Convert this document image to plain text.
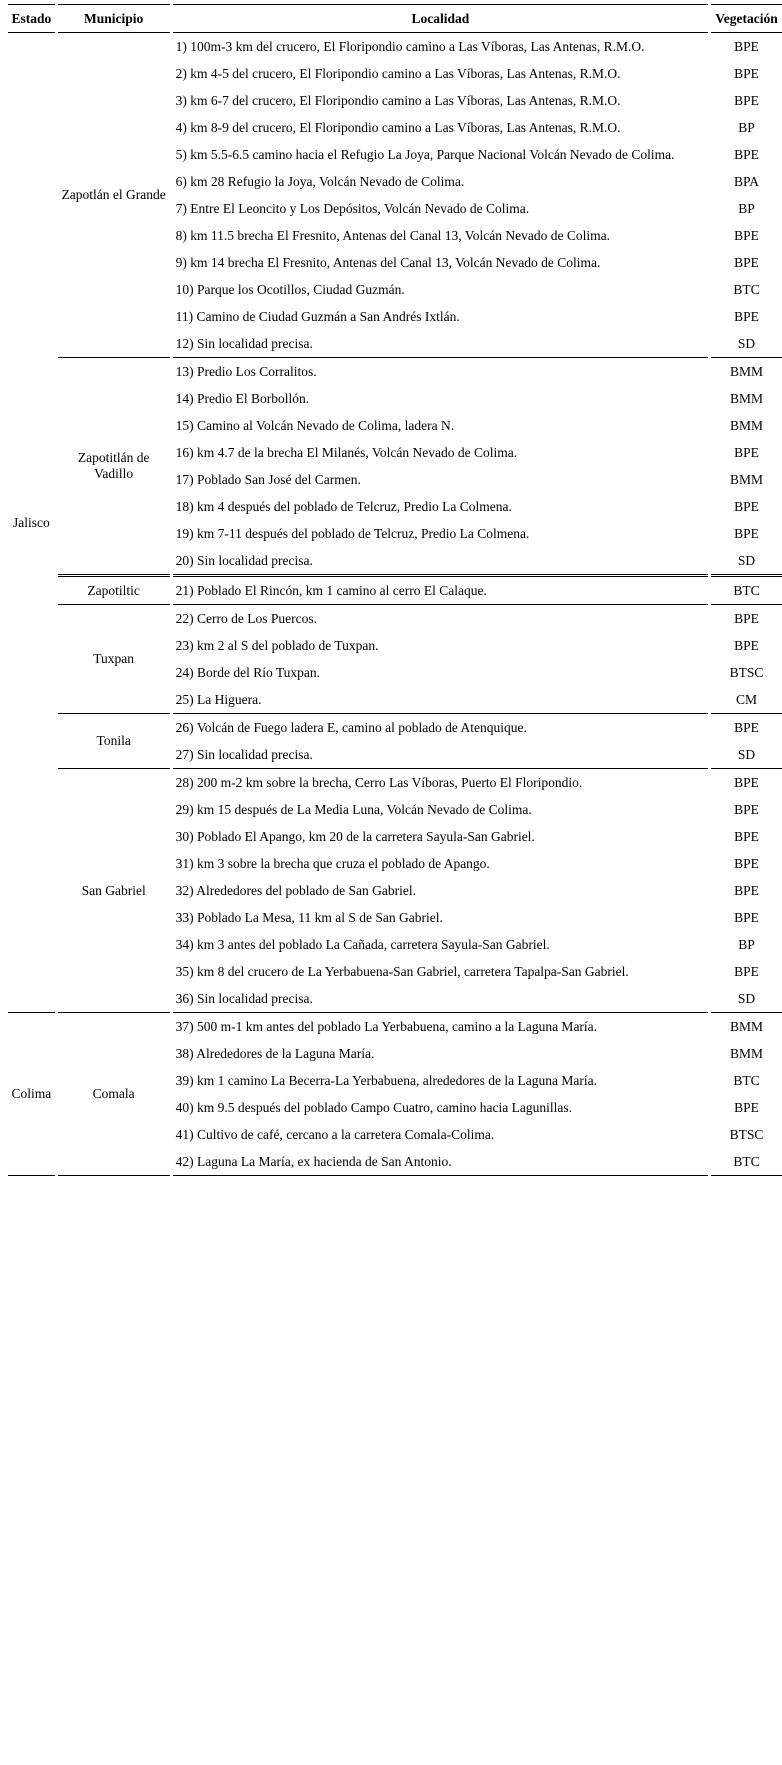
Estado	Municipio	Localidad	Vegetación
Jalisco	Zapotlán el Grande	1) 100m-3 km del crucero, El Floripondio camino a Las Víboras, Las Antenas, R.M.O.	BPE
		2) km 4-5 del crucero, El Floripondio camino a Las Víboras, Las Antenas, R.M.O.	BPE
		3) km 6-7 del crucero, El Floripondio camino a Las Víboras, Las Antenas, R.M.O.	BPE
		4) km 8-9 del crucero, El Floripondio camino a Las Víboras, Las Antenas, R.M.O.	BP
		5) km 5.5-6.5 camino hacia el Refugio La Joya, Parque Nacional Volcán Nevado de Colima.	BPE
		6) km 28 Refugio la Joya, Volcán Nevado de Colima.	BPA
		7) Entre El Leoncito y Los Depósitos, Volcán Nevado de Colima.	BP
		8) km 11.5 brecha El Fresnito, Antenas del Canal 13, Volcán Nevado de Colima.	BPE
		9) km 14 brecha El Fresnito, Antenas del Canal 13, Volcán Nevado de Colima.	BPE
		10) Parque los Ocotillos, Ciudad Guzmán.	BTC
		11) Camino de Ciudad Guzmán a San Andrés Ixtlán.	BPE
		12) Sin localidad precisa.	SD
	Zapotitlán de Vadillo	13) Predio Los Corralitos.	BMM
		14) Predio El Borbollón.	BMM
		15) Camino al Volcán Nevado de Colima, ladera N.	BMM
		16) km 4.7 de la brecha El Milanés, Volcán Nevado de Colima.	BPE
		17) Poblado San José del Carmen.	BMM
		18) km 4 después del poblado de Telcruz, Predio La Colmena.	BPE
		19) km 7-11 después del poblado de Telcruz, Predio La Colmena.	BPE
		20) Sin localidad precisa.	SD
	Zapotiltic	21) Poblado El Rincón, km 1 camino al cerro El Calaque.	BTC
	Tuxpan	22) Cerro de Los Puercos.	BPE
		23) km 2 al S del poblado de Tuxpan.	BPE
		24) Borde del Río Tuxpan.	BTSC
		25) La Higuera.	CM
	Tonila	26) Volcán de Fuego ladera E, camino al poblado de Atenquique.	BPE
		27) Sin localidad precisa.	SD
	San Gabriel	28) 200 m-2 km sobre la brecha, Cerro Las Víboras, Puerto El Floripondio.	BPE
		29) km 15 después de La Media Luna, Volcán Nevado de Colima.	BPE
		30) Poblado El Apango, km 20 de la carretera Sayula-San Gabriel.	BPE
		31) km 3 sobre la brecha que cruza el poblado de Apango.	BPE
		32) Alrededores del poblado de San Gabriel.	BPE
		33) Poblado La Mesa, 11 km al S de San Gabriel.	BPE
		34) km 3 antes del poblado La Cañada, carretera Sayula-San Gabriel.	BP
		35) km 8 del crucero de La Yerbabuena-San Gabriel, carretera Tapalpa-San Gabriel.	BPE
		36) Sin localidad precisa.	SD
Colima	Comala	37) 500 m-1 km antes del poblado La Yerbabuena, camino a la Laguna María.	BMM
		38) Alrededores de la Laguna María.	BMM
		39) km 1 camino La Becerra-La Yerbabuena, alrededores de la Laguna María.	BTC
		40) km 9.5 después del poblado Campo Cuatro, camino hacia Lagunillas.	BPE
		41) Cultivo de café, cercano a la carretera Comala-Colima.	BTSC
		42) Laguna La María, ex hacienda de San Antonio.	BTC
